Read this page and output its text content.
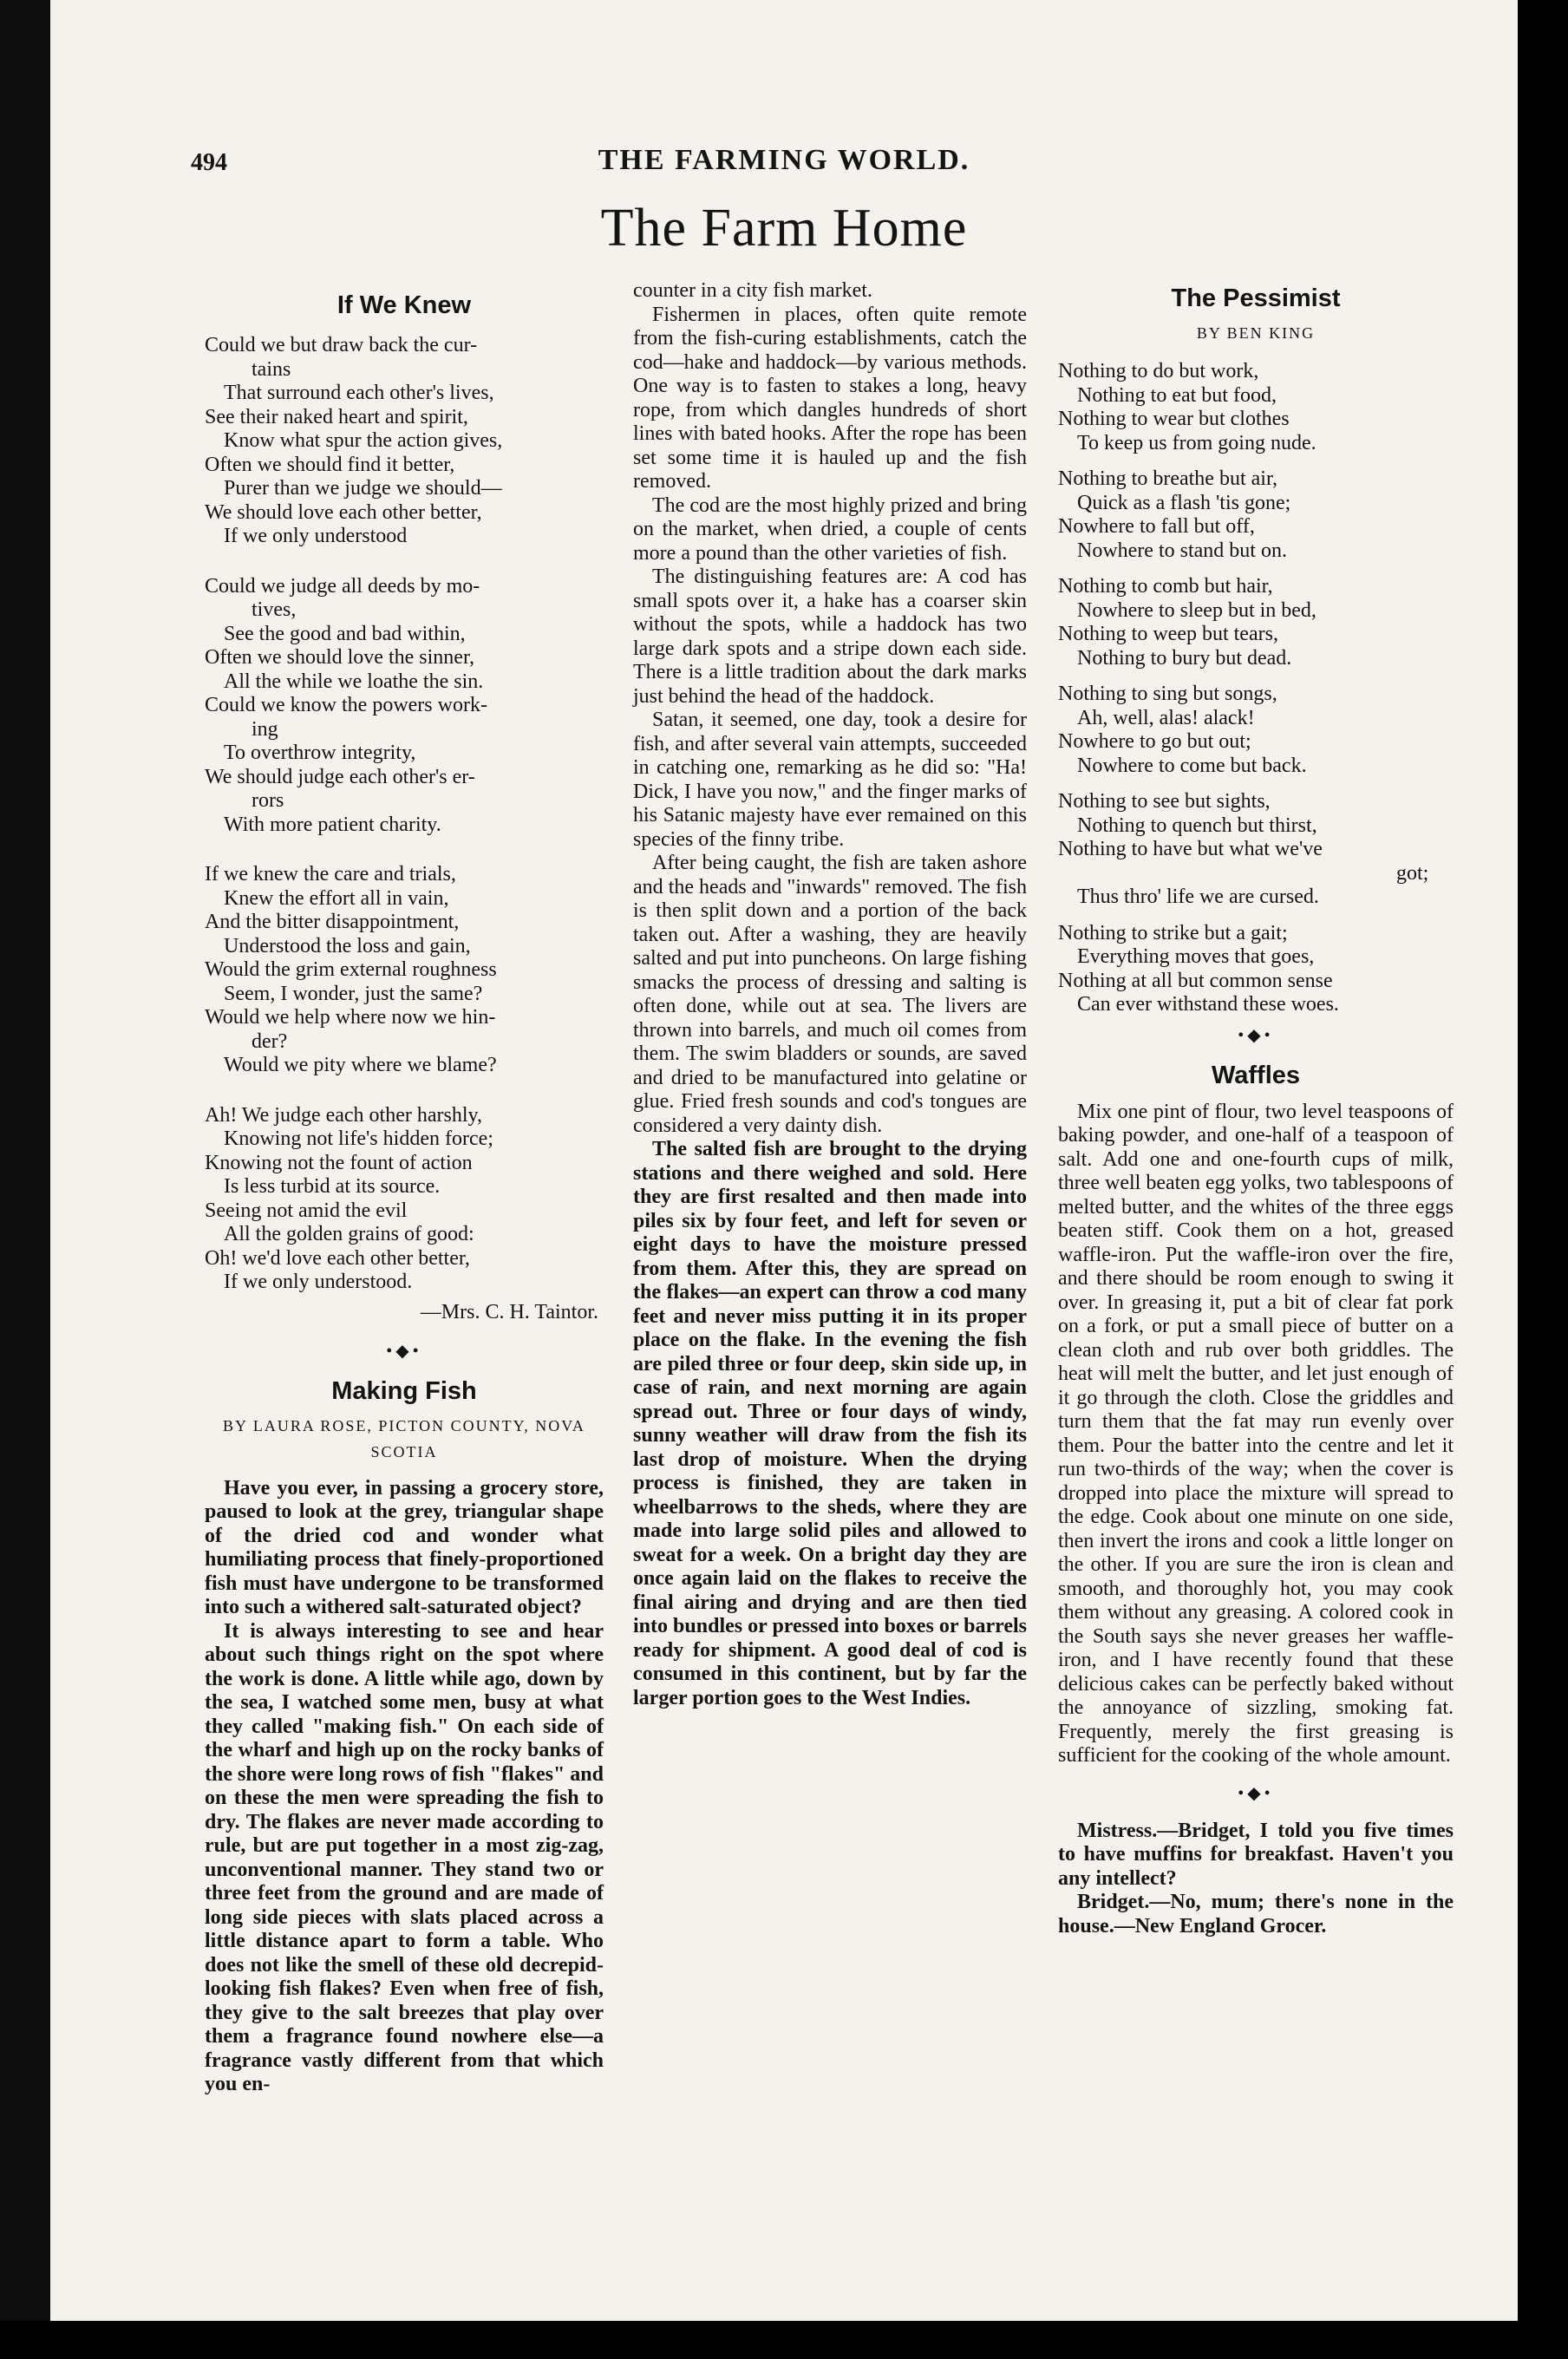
494	THE FARMING WORLD.
The Farm Home
If We Knew
Could we but draw back the cur-
tains
That surround each other's lives,
See their naked heart and spirit,
Know what spur the action gives,
Often we should find it better,
Purer than we judge we should—
We should love each other better,
If we only understood
Could we judge all deeds by mo-
tives,
See the good and bad within,
Often we should love the sinner,
All the while we loathe the sin.
Could we know the powers work-
ing
To overthrow integrity,
We should judge each other's er-
rors
With more patient charity.
If we knew the care and trials,
Knew the effort all in vain,
And the bitter disappointment,
Understood the loss and gain,
Would the grim external roughness
Seem, I wonder, just the same?
Would we help where now we hin-
der?
Would we pity where we blame?
Ah! We judge each other harshly,
Knowing not life's hidden force;
Knowing not the fount of action
Is less turbid at its source.
Seeing not amid the evil
All the golden grains of good:
Oh! we'd love each other better,
If we only understood.
—Mrs. C. H. Taintor.
•◆•
Making Fish
BY LAURA ROSE, PICTON COUNTY, NOVA
SCOTIA

Have you ever, in passing a grocery store, paused to look at the grey, triangular shape of the dried cod and wonder what humiliating process that finely-proportioned fish must have undergone to be transformed into such a withered salt-saturated object?

It is always interesting to see and hear about such things right on the spot where the work is done. A little while ago, down by the sea, I watched some men, busy at what they called "making fish." On each side of the wharf and high up on the rocky banks of the shore were long rows of fish "flakes" and on these the men were spreading the fish to dry. The flakes are never made according to rule, but are put together in a most zig-zag, unconventional manner. They stand two or three feet from the ground and are made of long side pieces with slats placed across a little distance apart to form a table. Who does not like the smell of these old decrepid-looking fish flakes? Even when free of fish, they give to the salt breezes that play over them a fragrance found nowhere else—a fragrance vastly different from that which you en-

counter in a city fish market.

Fishermen in places, often quite remote from the fish-curing establishments, catch the cod—hake and haddock—by various methods. One way is to fasten to stakes a long, heavy rope, from which dangles hundreds of short lines with bated hooks. After the rope has been set some time it is hauled up and the fish removed.

The cod are the most highly prized and bring on the market, when dried, a couple of cents more a pound than the other varieties of fish.

The distinguishing features are: A cod has small spots over it, a hake has a coarser skin without the spots, while a haddock has two large dark spots and a stripe down each side. There is a little tradition about the dark marks just behind the head of the haddock.

Satan, it seemed, one day, took a desire for fish, and after several vain attempts, succeeded in catching one, remarking as he did so: "Ha! Dick, I have you now," and the finger marks of his Satanic majesty have ever remained on this species of the finny tribe.

After being caught, the fish are taken ashore and the heads and "inwards" removed. The fish is then split down and a portion of the back taken out. After a washing, they are heavily salted and put into puncheons. On large fishing smacks the process of dressing and salting is often done, while out at sea. The livers are thrown into barrels, and much oil comes from them. The swim bladders or sounds, are saved and dried to be manufactured into gelatine or glue. Fried fresh sounds and cod's tongues are considered a very dainty dish.

The salted fish are brought to the drying stations and there weighed and sold. Here they are first resalted and then made into piles six by four feet, and left for seven or eight days to have the moisture pressed from them. After this, they are spread on the flakes—an expert can throw a cod many feet and never miss putting it in its proper place on the flake. In the evening the fish are piled three or four deep, skin side up, in case of rain, and next morning are again spread out. Three or four days of windy, sunny weather will draw from the fish its last drop of moisture. When the drying process is finished, they are taken in wheelbarrows to the sheds, where they are made into large solid piles and allowed to sweat for a week. On a bright day they are once again laid on the flakes to receive the final airing and drying and are then tied into bundles or pressed into boxes or barrels ready for shipment. A good deal of cod is consumed in this continent, but by far the larger portion goes to the West Indies.

The Pessimist
BY BEN KING
Nothing to do but work,
Nothing to eat but food,
Nothing to wear but clothes
To keep us from going nude.
Nothing to breathe but air,
Quick as a flash 'tis gone;
Nowhere to fall but off,
Nowhere to stand but on.
Nothing to comb but hair,
Nowhere to sleep but in bed,
Nothing to weep but tears,
Nothing to bury but dead.
Nothing to sing but songs,
Ah, well, alas! alack!
Nowhere to go but out;
Nowhere to come but back.
Nothing to see but sights,
Nothing to quench but thirst,
Nothing to have but what we've
got;
Thus thro' life we are cursed.
Nothing to strike but a gait;
Everything moves that goes,
Nothing at all but common sense
Can ever withstand these woes.
•◆•
Waffles

Mix one pint of flour, two level teaspoons of baking powder, and one-half of a teaspoon of salt. Add one and one-fourth cups of milk, three well beaten egg yolks, two tablespoons of melted butter, and the whites of the three eggs beaten stiff. Cook them on a hot, greased waffle-iron. Put the waffle-iron over the fire, and there should be room enough to swing it over. In greasing it, put a bit of clear fat pork on a fork, or put a small piece of butter on a clean cloth and rub over both griddles. The heat will melt the butter, and let just enough of it go through the cloth. Close the griddles and turn them that the fat may run evenly over them. Pour the batter into the centre and let it run two-thirds of the way; when the cover is dropped into place the mixture will spread to the edge. Cook about one minute on one side, then invert the irons and cook a little longer on the other. If you are sure the iron is clean and smooth, and thoroughly hot, you may cook them without any greasing. A colored cook in the South says she never greases her waffle-iron, and I have recently found that these delicious cakes can be perfectly baked without the annoyance of sizzling, smoking fat. Frequently, merely the first greasing is sufficient for the cooking of the whole amount.

•◆•

Mistress.—Bridget, I told you five times to have muffins for breakfast. Haven't you any intellect?

Bridget.—No, mum; there's none in the house.—New England Grocer.
